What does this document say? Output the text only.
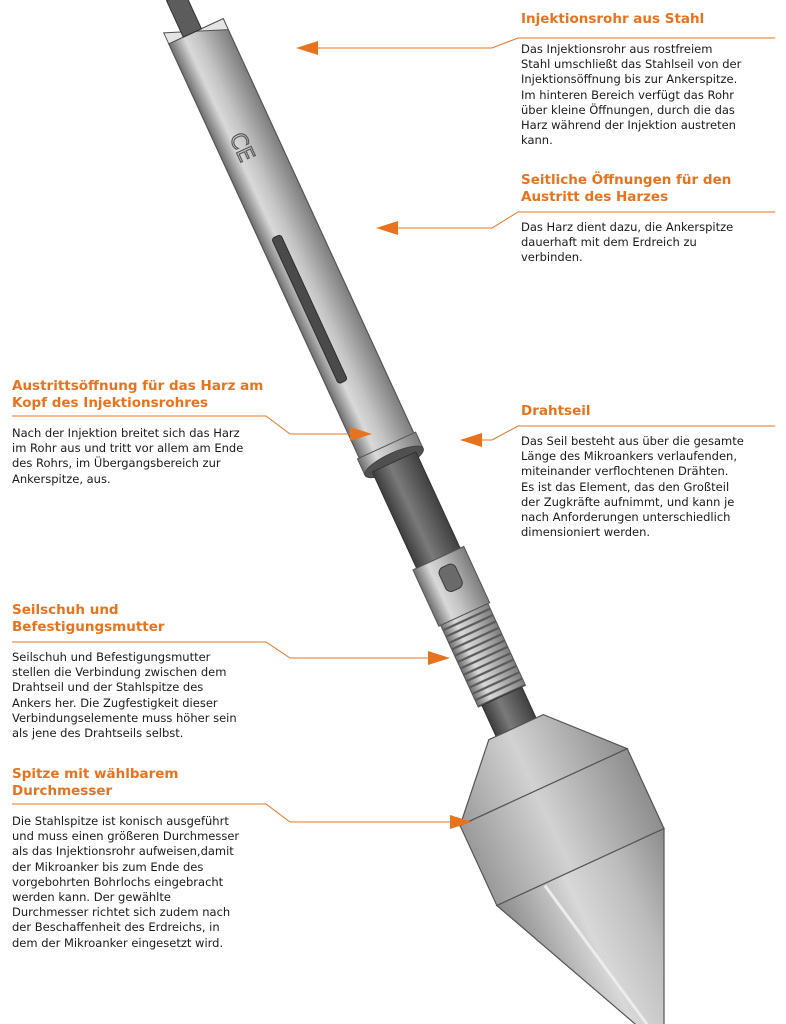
CE

Injektionsrohr aus Stahl

Das Injektionsrohr aus rostfreiem
Stahl umschließt das Stahlseil von der
Injektionsöffnung bis zur Ankerspitze.
Im hinteren Bereich verfügt das Rohr
über kleine Öffnungen, durch die das
Harz während der Injektion austreten
kann.

Seitliche Öffnungen für den
Austritt des Harzes

Das Harz dient dazu, die Ankerspitze
dauerhaft mit dem Erdreich zu
verbinden.

Austrittsöffnung für das Harz am
Kopf des Injektionsrohres

Nach der Injektion breitet sich das Harz
im Rohr aus und tritt vor allem am Ende
des Rohrs, im Übergangsbereich zur
Ankerspitze, aus.

Drahtseil

Das Seil besteht aus über die gesamte
Länge des Mikroankers verlaufenden,
miteinander verflochtenen Drähten.
Es ist das Element, das den Großteil
der Zugkräfte aufnimmt, und kann je
nach Anforderungen unterschiedlich
dimensioniert werden.

Seilschuh und
Befestigungsmutter

Seilschuh und Befestigungsmutter
stellen die Verbindung zwischen dem
Drahtseil und der Stahlspitze des
Ankers her. Die Zugfestigkeit dieser
Verbindungselemente muss höher sein
als jene des Drahtseils selbst.

Spitze mit wählbarem
Durchmesser

Die Stahlspitze ist konisch ausgeführt
und muss einen größeren Durchmesser
als das Injektionsrohr aufweisen,damit
der Mikroanker bis zum Ende des
vorgebohrten Bohrlochs eingebracht
werden kann. Der gewählte
Durchmesser richtet sich zudem nach
der Beschaffenheit des Erdreichs, in
dem der Mikroanker eingesetzt wird.
